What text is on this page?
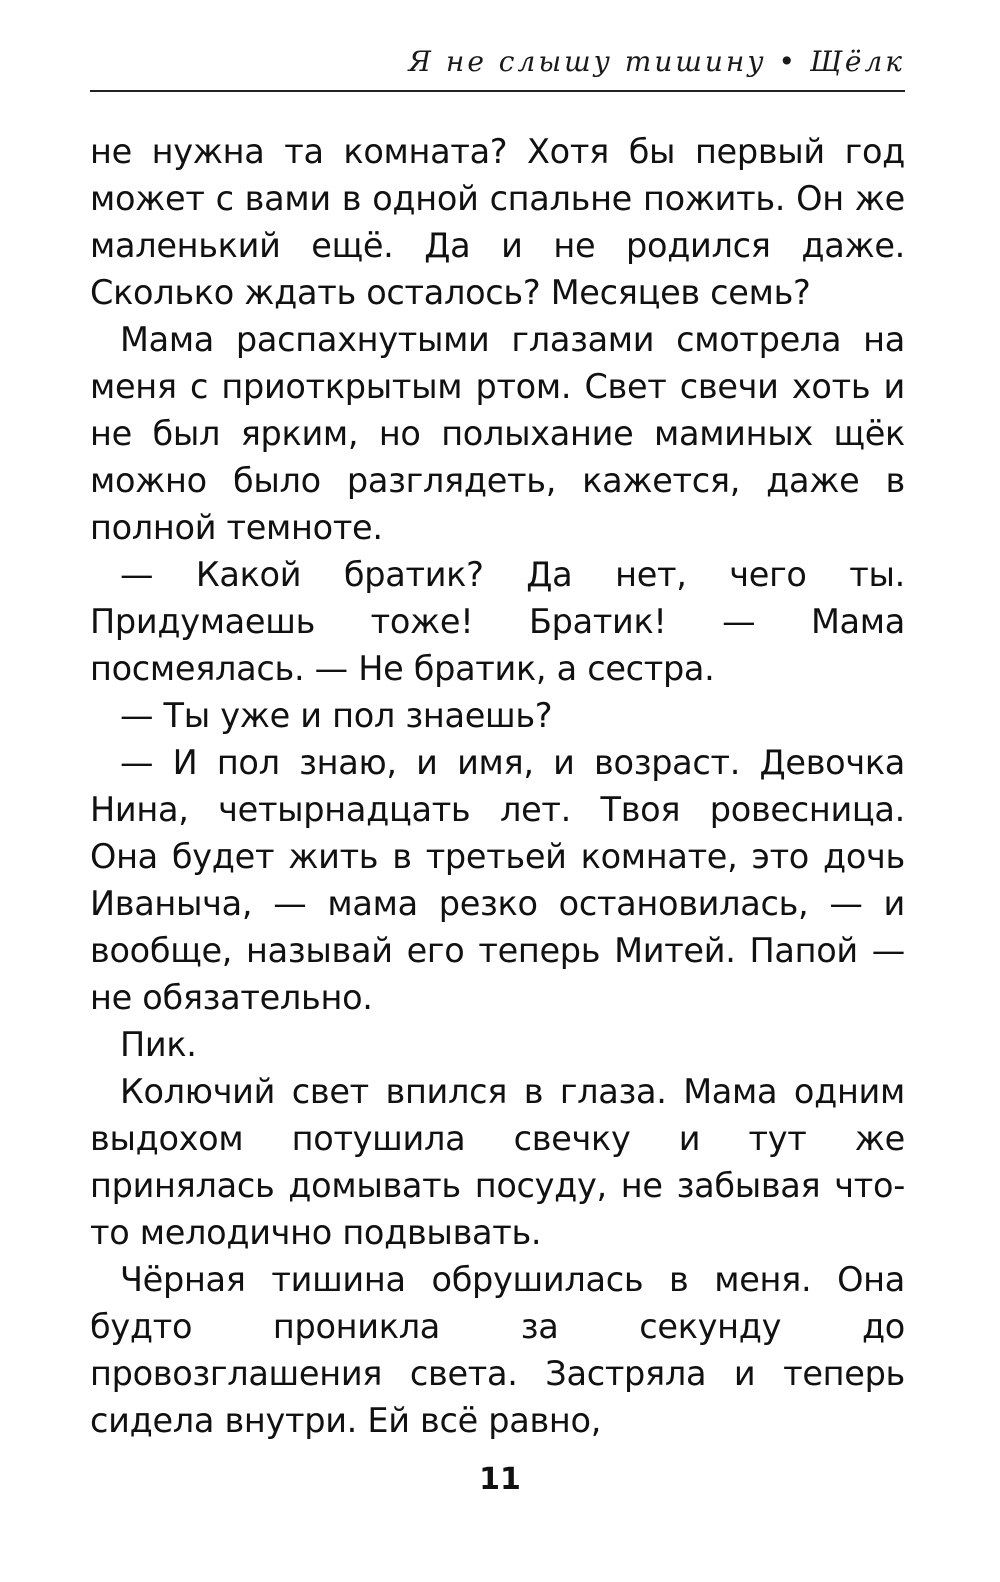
Я не слышу тишину • Щёлк

не нужна та комната? Хотя бы первый год может с вами в одной спальне пожить. Он же маленький ещё. Да и не родился даже. Сколько ждать осталось? Месяцев семь?

Мама распахнутыми глазами смотрела на меня с приоткрытым ртом. Свет свечи хоть и не был ярким, но полыхание маминых щёк можно было разглядеть, кажется, даже в полной темноте.

— Какой братик? Да нет, чего ты. Придумаешь тоже! Братик! — Мама посмеялась. — Не братик, а сестра.

— Ты уже и пол знаешь?

— И пол знаю, и имя, и возраст. Девочка Нина, четырнадцать лет. Твоя ровесница. Она будет жить в третьей комнате, это дочь Иваныча, — мама резко остановилась, — и вообще, называй его теперь Митей. Папой — не обязательно.

Пик.

Колючий свет впился в глаза. Мама одним выдохом потушила свечку и тут же принялась домывать посуду, не забывая что-то мелодично подвывать.

Чёрная тишина обрушилась в меня. Она будто проникла за секунду до провозглашения света. Застряла и теперь сидела внутри. Ей всё равно,

11
